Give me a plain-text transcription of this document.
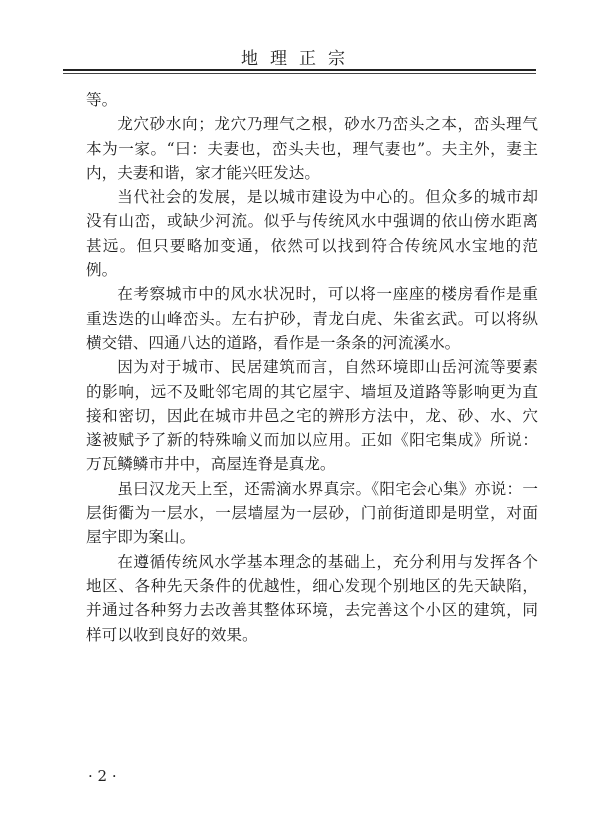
地理正宗

等。

龙穴砂水向；龙穴乃理气之根，砂水乃峦头之本，峦头理气本为一家。“曰：夫妻也，峦头夫也，理气妻也”。夫主外，妻主内，夫妻和谐，家才能兴旺发达。

当代社会的发展，是以城市建设为中心的。但众多的城市却没有山峦，或缺少河流。似乎与传统风水中强调的依山傍水距离甚远。但只要略加变通，依然可以找到符合传统风水宝地的范例。

在考察城市中的风水状况时，可以将一座座的楼房看作是重重迭迭的山峰峦头。左右护砂，青龙白虎、朱雀玄武。可以将纵横交错、四通八达的道路，看作是一条条的河流溪水。

因为对于城市、民居建筑而言，自然环境即山岳河流等要素的影响，远不及毗邻宅周的其它屋宇、墙垣及道路等影响更为直接和密切，因此在城市井邑之宅的辨形方法中，龙、砂、水、穴遂被赋予了新的特殊喻义而加以应用。正如《阳宅集成》所说：万瓦鳞鳞市井中，高屋连脊是真龙。

虽曰汉龙天上至，还需滴水界真宗。《阳宅会心集》亦说：一层街衢为一层水，一层墙屋为一层砂，门前街道即是明堂，对面屋宇即为案山。

在遵循传统风水学基本理念的基础上，充分利用与发挥各个地区、各种先天条件的优越性，细心发现个别地区的先天缺陷，并通过各种努力去改善其整体环境，去完善这个小区的建筑，同样可以收到良好的效果。

· 2 ·
